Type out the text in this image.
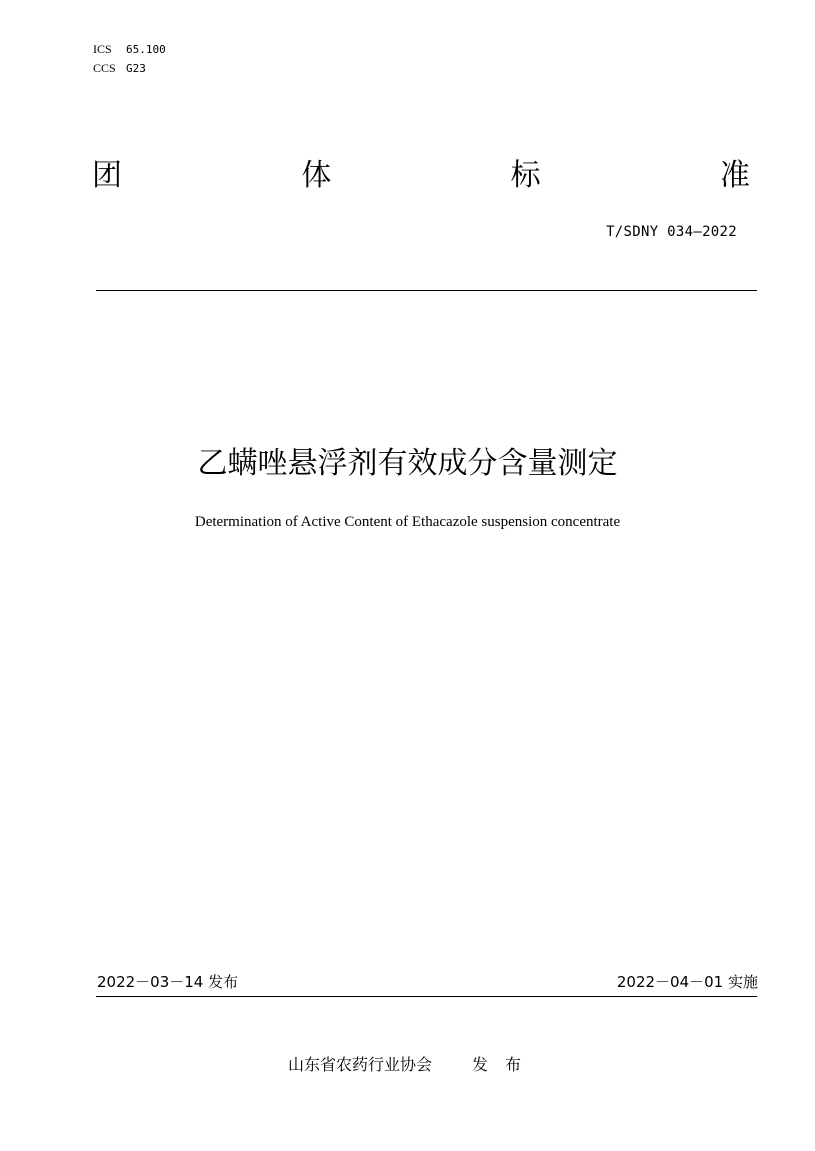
ICS 65.100
CCS G23
团	体	标	准
T/SDNY 034—2022
乙螨唑悬浮剂有效成分含量测定
Determination of Active Content of Ethacazole suspension concentrate
2022－03－14 发布	2022－04－01 实施
山东省农药行业协会	发 布
